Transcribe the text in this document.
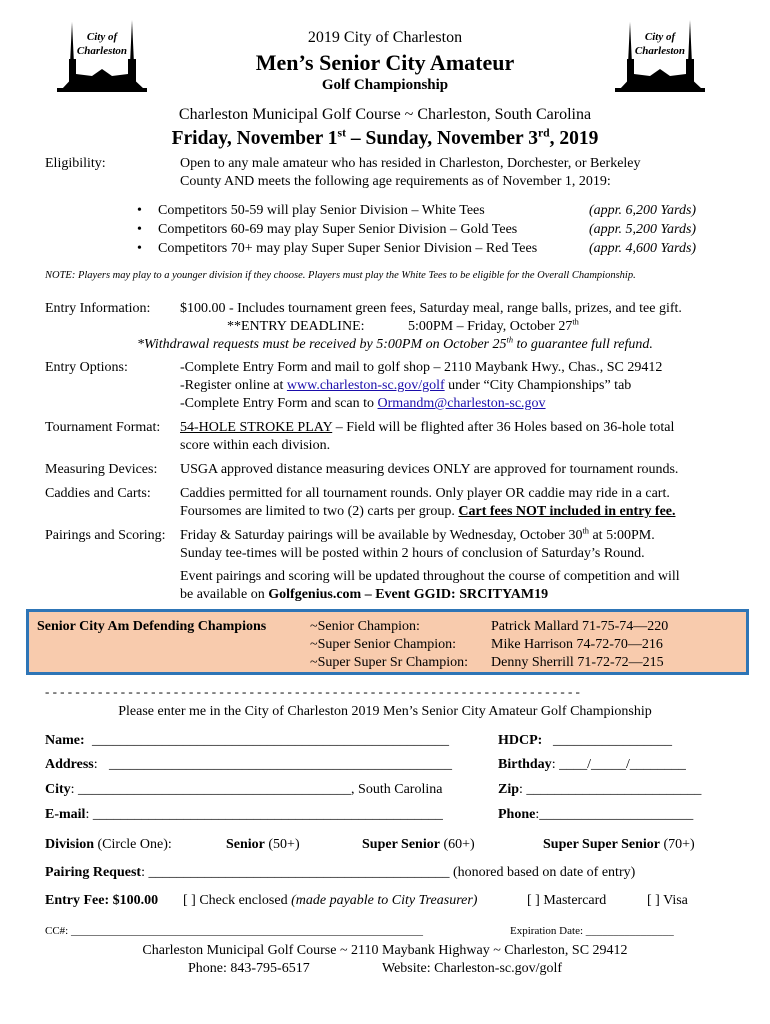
City of
Charleston
City of
Charleston
2019 City of Charleston
Men’s Senior City Amateur
Golf Championship
Charleston Municipal Golf Course ~ Charleston, South Carolina
Friday, November 1st – Sunday, November 3rd, 2019
Eligibility:	Open to any male amateur who has resided in Charleston, Dorchester, or Berkeley
County AND meets the following age requirements as of November 1, 2019:
Competitors 50-59 will play Senior Division – White Tees	(appr. 6,200 Yards)
Competitors 60-69 may play Super Senior Division – Gold Tees	(appr. 5,200 Yards)
Competitors 70+ may play Super Super Senior Division – Red Tees	(appr. 4,600 Yards)
NOTE: Players may play to a younger division if they choose. Players must play the White Tees to be eligible for the Overall Championship.
Entry Information: $100.00 - Includes tournament green fees, Saturday meal, range balls, prizes, and tee gift.
**ENTRY DEADLINE:	5:00PM – Friday, October 27th
*Withdrawal requests must be received by 5:00PM on October 25th to guarantee full refund.
Entry Options:	-Complete Entry Form and mail to golf shop – 2110 Maybank Hwy., Chas., SC 29412
-Register online at www.charleston-sc.gov/golf under “City Championships” tab
-Complete Entry Form and scan to Ormandm@charleston-sc.gov
Tournament Format: 54-HOLE STROKE PLAY – Field will be flighted after 36 Holes based on 36-hole total
score within each division.
Measuring Devices: USGA approved distance measuring devices ONLY are approved for tournament rounds.
Caddies and Carts: Caddies permitted for all tournament rounds. Only player OR caddie may ride in a cart.
Foursomes are limited to two (2) carts per group. Cart fees NOT included in entry fee.
Pairings and Scoring: Friday & Saturday pairings will be available by Wednesday, October 30th at 5:00PM.
Sunday tee-times will be posted within 2 hours of conclusion of Saturday’s Round.
Event pairings and scoring will be updated throughout the course of competition and will
be available on Golfgenius.com – Event GGID: SRCITYAM19
Senior City Am Defending Champions	~Senior Champion:	Patrick Mallard 71-75-74—220
~Super Senior Champion: Mike Harrison 74-72-70—216
~Super Super Sr Champion: Denny Sherrill 71-72-72—215
- - - - - - - - - - - - - - - - - - - - - - - - - - - - - - - - - - - - - - - - - - - - - - - - - - - - - - - - - - - - - - - - - - - - - - -
Please enter me in the City of Charleston 2019 Men’s Senior City Amateur Golf Championship
Name: ___________________________________________________	HDCP: _________________
Address: _________________________________________________	Birthday: ____/_____/________
City: _______________________________________, South Carolina	Zip: _________________________
E-mail: __________________________________________________	Phone:______________________
Division (Circle One):	Senior (50+)	Super Senior (60+)	Super Super Senior (70+)
Pairing Request: ___________________________________________ (honored based on date of entry)
Entry Fee: $100.00 [ ] Check enclosed (made payable to City Treasurer)	[ ] Mastercard	[ ] Visa
CC#: ________________________________________________________________	Expiration Date: ________________
Charleston Municipal Golf Course ~ 2110 Maybank Highway ~ Charleston, SC 29412
Phone: 843-795-6517	Website: Charleston-sc.gov/golf
